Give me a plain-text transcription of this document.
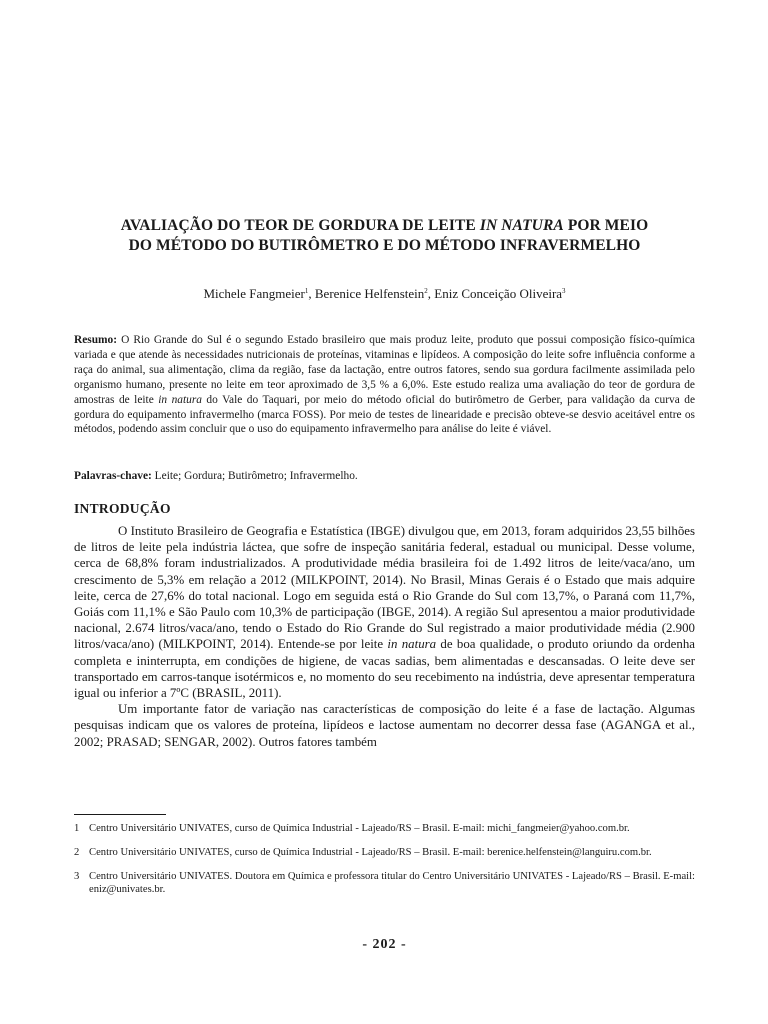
AVALIAÇÃO DO TEOR DE GORDURA DE LEITE IN NATURA POR MEIO
DO MÉTODO DO BUTIRÔMETRO E DO MÉTODO INFRAVERMELHO
Michele Fangmeier$^1$, Berenice Helfenstein$^2$, Eniz Conceição Oliveira$^3$
Resumo: O Rio Grande do Sul é o segundo Estado brasileiro que mais produz leite, produto que possui composição físico-química variada e que atende às necessidades nutricionais de proteínas, vitaminas e lipídeos. A composição do leite sofre influência conforme a raça do animal, sua alimentação, clima da região, fase da lactação, entre outros fatores, sendo sua gordura facilmente assimilada pelo organismo humano, presente no leite em teor aproximado de 3,5 % a 6,0%. Este estudo realiza uma avaliação do teor de gordura de amostras de leite in natura do Vale do Taquari, por meio do método oficial do butirômetro de Gerber, para validação da curva de gordura do equipamento infravermelho (marca FOSS). Por meio de testes de linearidade e precisão obteve-se desvio aceitável entre os métodos, podendo assim concluir que o uso do equipamento infravermelho para análise do leite é viável.
Palavras-chave: Leite; Gordura; Butirômetro; Infravermelho.
INTRODUÇÃO

O Instituto Brasileiro de Geografia e Estatística (IBGE) divulgou que, em 2013, foram adquiridos 23,55 bilhões de litros de leite pela indústria láctea, que sofre de inspeção sanitária federal, estadual ou municipal. Desse volume, cerca de 68,8% foram industrializados. A produtividade média brasileira foi de 1.492 litros de leite/vaca/ano, um crescimento de 5,3% em relação a 2012 (MILKPOINT, 2014). No Brasil, Minas Gerais é o Estado que mais adquire leite, cerca de 27,6% do total nacional. Logo em seguida está o Rio Grande do Sul com 13,7%, o Paraná com 11,7%, Goiás com 11,1% e São Paulo com 10,3% de participação (IBGE, 2014). A região Sul apresentou a maior produtividade nacional, 2.674 litros/vaca/ano, tendo o Estado do Rio Grande do Sul registrado a maior produtividade média (2.900 litros/vaca/ano) (MILKPOINT, 2014). Entende-se por leite in natura de boa qualidade, o produto oriundo da ordenha completa e ininterrupta, em condições de higiene, de vacas sadias, bem alimentadas e descansadas. O leite deve ser transportado em carros-tanque isotérmicos e, no momento do seu recebimento na indústria, deve apresentar temperatura igual ou inferior a 7ºC (BRASIL, 2011).

Um importante fator de variação nas características de composição do leite é a fase de lactação. Algumas pesquisas indicam que os valores de proteína, lipídeos e lactose aumentam no decorrer dessa fase (AGANGA et al., 2002; PRASAD; SENGAR, 2002). Outros fatores também

1 Centro Universitário UNIVATES, curso de Química Industrial - Lajeado/RS – Brasil. E-mail: michi_fangmeier@yahoo.com.br.
2 Centro Universitário UNIVATES, curso de Química Industrial - Lajeado/RS – Brasil. E-mail: berenice.helfenstein@languiru.com.br.
3 Centro Universitário UNIVATES. Doutora em Química e professora titular do Centro Universitário UNIVATES - Lajeado/RS – Brasil. E-mail: eniz@univates.br.
- 202 -
